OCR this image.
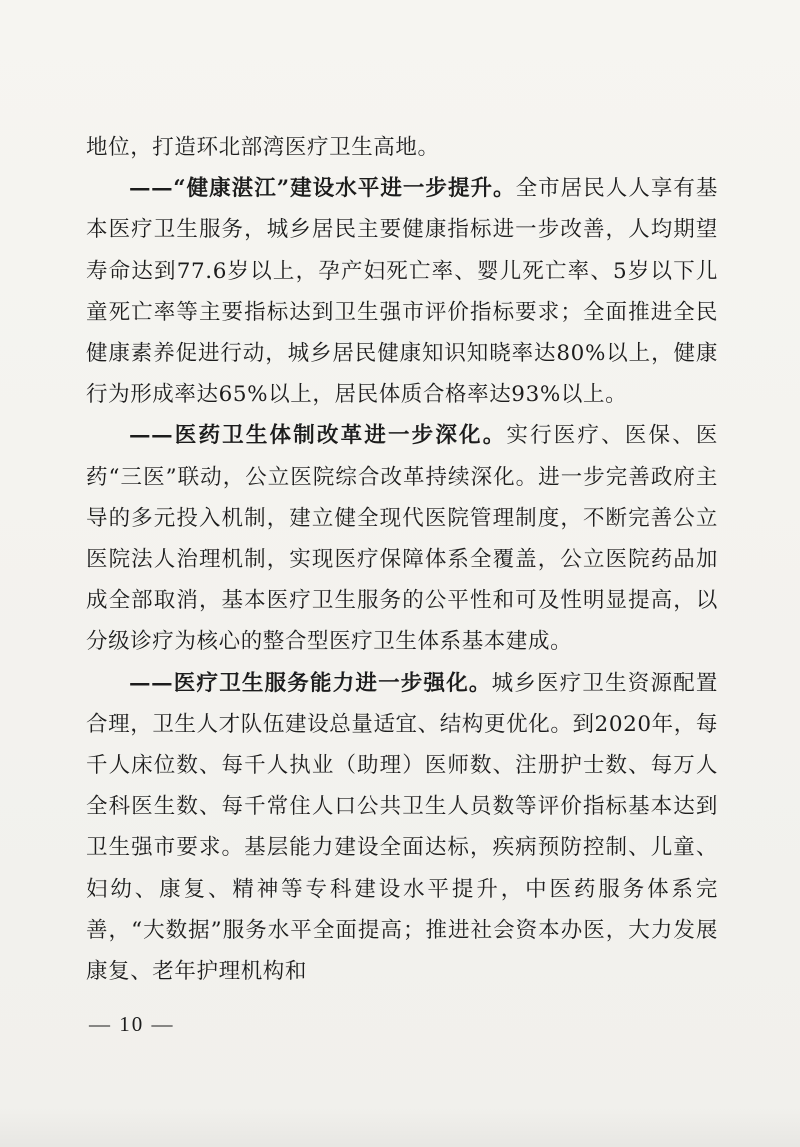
地位，打造环北部湾医疗卫生高地。

——“健康湛江”建设水平进一步提升。全市居民人人享有基本医疗卫生服务，城乡居民主要健康指标进一步改善，人均期望寿命达到77.6岁以上，孕产妇死亡率、婴儿死亡率、5岁以下儿童死亡率等主要指标达到卫生强市评价指标要求；全面推进全民健康素养促进行动，城乡居民健康知识知晓率达80%以上，健康行为形成率达65%以上，居民体质合格率达93%以上。

——医药卫生体制改革进一步深化。实行医疗、医保、医药“三医”联动，公立医院综合改革持续深化。进一步完善政府主导的多元投入机制，建立健全现代医院管理制度，不断完善公立医院法人治理机制，实现医疗保障体系全覆盖，公立医院药品加成全部取消，基本医疗卫生服务的公平性和可及性明显提高，以分级诊疗为核心的整合型医疗卫生体系基本建成。

——医疗卫生服务能力进一步强化。城乡医疗卫生资源配置合理，卫生人才队伍建设总量适宜、结构更优化。到2020年，每千人床位数、每千人执业（助理）医师数、注册护士数、每万人全科医生数、每千常住人口公共卫生人员数等评价指标基本达到卫生强市要求。基层能力建设全面达标，疾病预防控制、儿童、妇幼、康复、精神等专科建设水平提升，中医药服务体系完善，“大数据”服务水平全面提高；推进社会资本办医，大力发展康复、老年护理机构和

— 10 —
